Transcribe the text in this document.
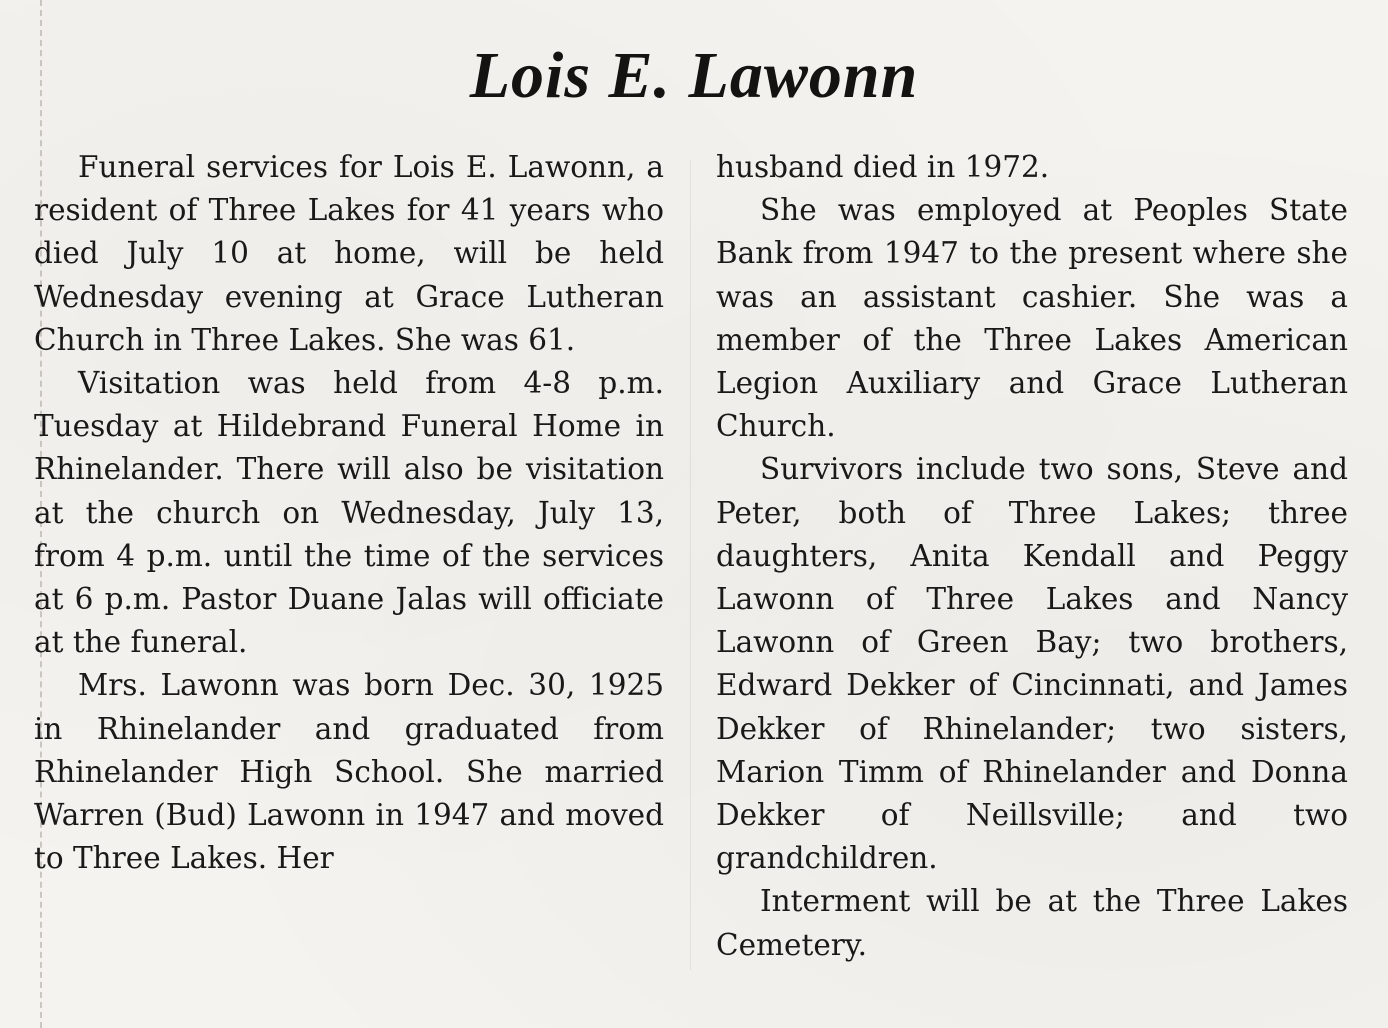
Lois E. Lawonn

Funeral services for Lois E. Lawonn, a resident of Three Lakes for 41 years who died July 10 at home, will be held Wednesday evening at Grace Lutheran Church in Three Lakes. She was 61.

Visitation was held from 4-8 p.m. Tuesday at Hildebrand Funeral Home in Rhinelander. There will also be visitation at the church on Wednesday, July 13, from 4 p.m. until the time of the services at 6 p.m. Pastor Duane Jalas will officiate at the funeral.

Mrs. Lawonn was born Dec. 30, 1925 in Rhinelander and graduated from Rhinelander High School. She married Warren (Bud) Lawonn in 1947 and moved to Three Lakes. Her

husband died in 1972.

She was employed at Peoples State Bank from 1947 to the present where she was an assistant cashier. She was a member of the Three Lakes American Legion Auxiliary and Grace Lutheran Church.

Survivors include two sons, Steve and Peter, both of Three Lakes; three daughters, Anita Kendall and Peggy Lawonn of Three Lakes and Nancy Lawonn of Green Bay; two brothers, Edward Dekker of Cincinnati, and James Dekker of Rhinelander; two sisters, Marion Timm of Rhinelander and Donna Dekker of Neillsville; and two grandchildren.

Interment will be at the Three Lakes Cemetery.
